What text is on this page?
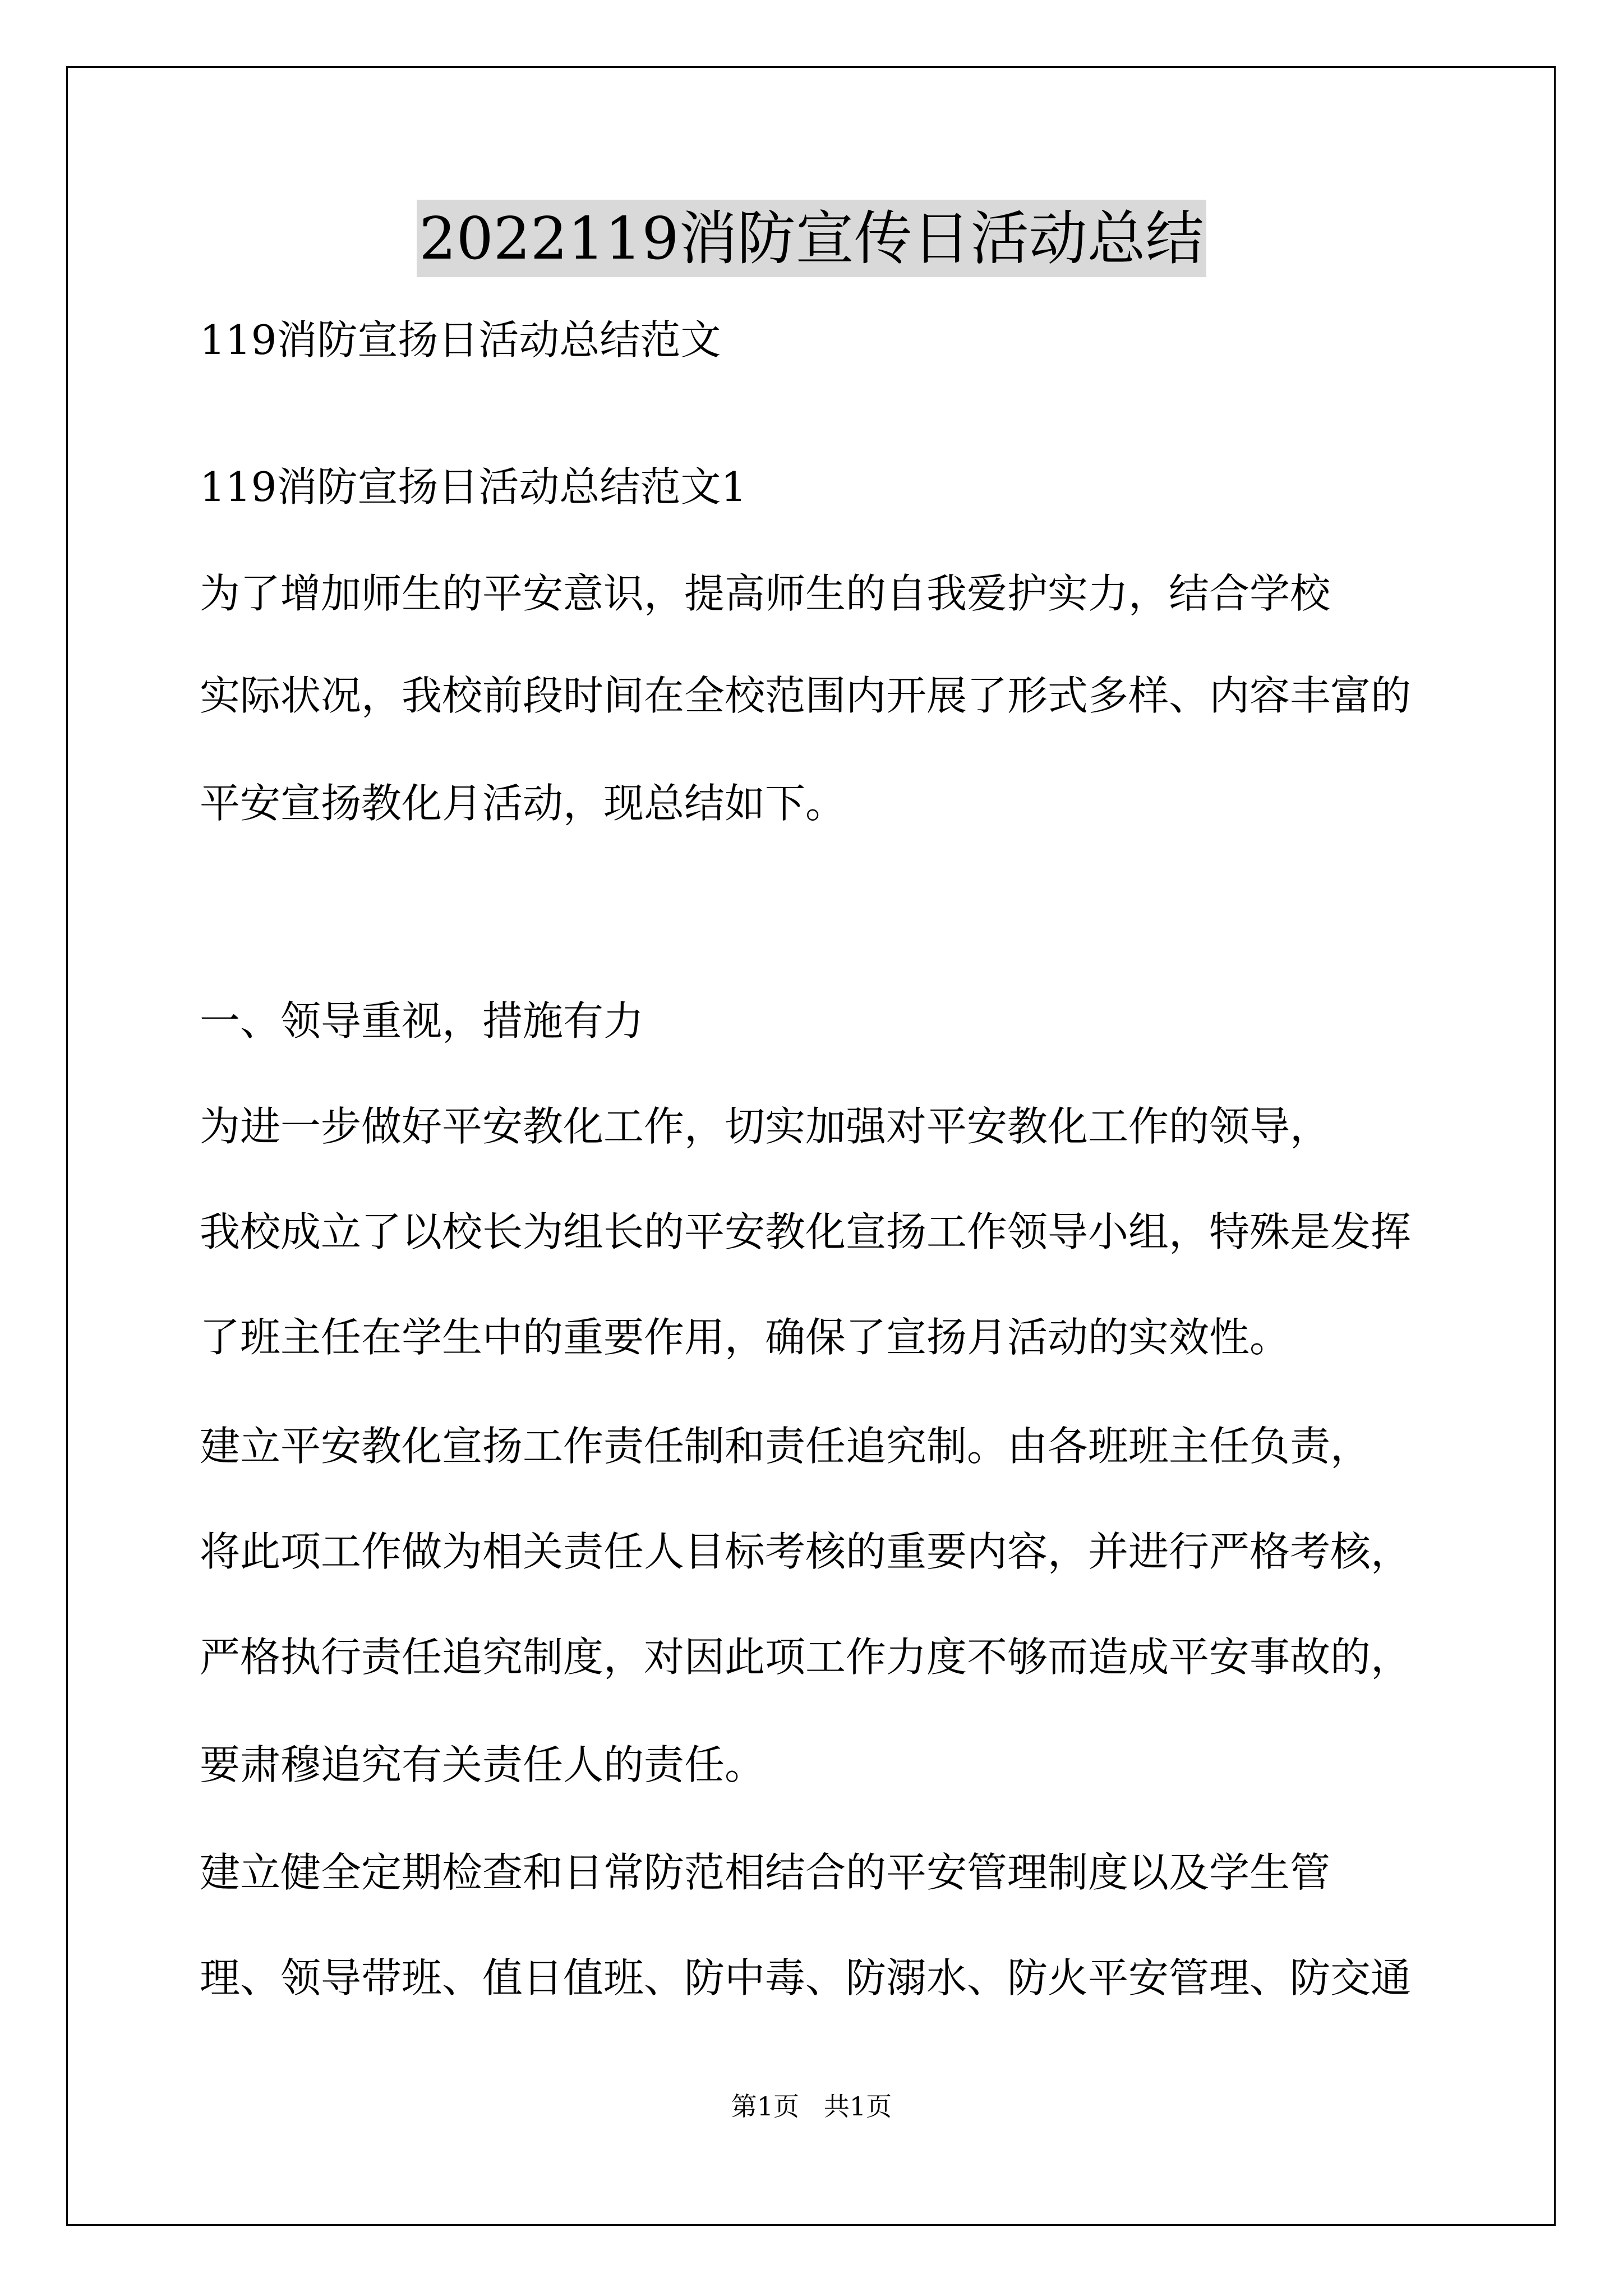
2022119消防宣传日活动总结

119消防宣扬日活动总结范文

119消防宣扬日活动总结范文1

为了增加师生的平安意识，提高师生的自我爱护实力，结合学校

实际状况，我校前段时间在全校范围内开展了形式多样、内容丰富的

平安宣扬教化月活动，现总结如下。

一、领导重视，措施有力

为进一步做好平安教化工作，切实加强对平安教化工作的领导，

我校成立了以校长为组长的平安教化宣扬工作领导小组，特殊是发挥

了班主任在学生中的重要作用，确保了宣扬月活动的实效性。

建立平安教化宣扬工作责任制和责任追究制。由各班班主任负责，

将此项工作做为相关责任人目标考核的重要内容，并进行严格考核，

严格执行责任追究制度，对因此项工作力度不够而造成平安事故的，

要肃穆追究有关责任人的责任。

建立健全定期检查和日常防范相结合的平安管理制度以及学生管

理、领导带班、值日值班、防中毒、防溺水、防火平安管理、防交通

第1页   共1页
